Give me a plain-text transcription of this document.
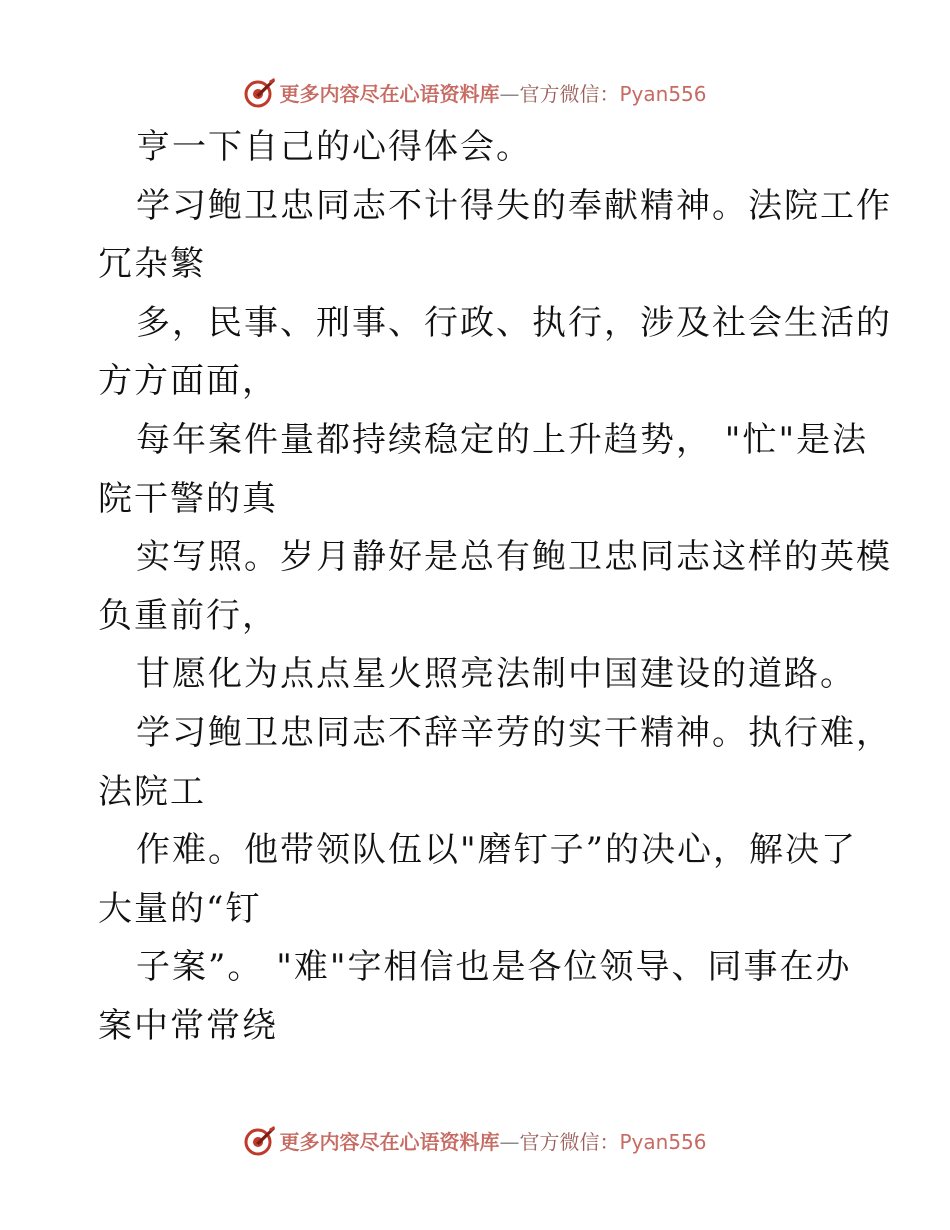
更多内容尽在心语资料库 — 官方微信： Pyan556
亨一下自己的心得体会。
学习鲍卫忠同志不计得失的奉献精神。法院工作
冗杂繁
多，民事、刑事、行政、执行，涉及社会生活的
方方面面，
每年案件量都持续稳定的上升趋势， "忙"是法
院干警的真
实写照。岁月静好是总有鲍卫忠同志这样的英模
负重前行，
甘愿化为点点星火照亮法制中国建设的道路。
学习鲍卫忠同志不辞辛劳的实干精神。执行难，
法院工
作难。他带领队伍以"磨钉子”的决心，解决了
大量的“钉
子案”。 "难"字相信也是各位领导、同事在办
案中常常绕
更多内容尽在心语资料库 — 官方微信： Pyan556
